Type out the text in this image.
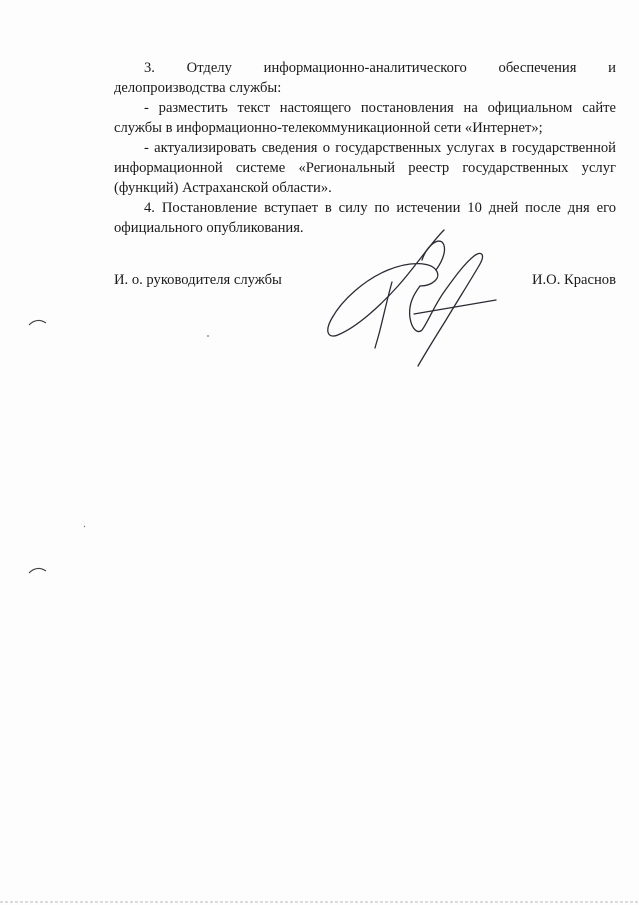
3. Отделу информационно-аналитического обеспечения и делопроизводства службы:

- разместить текст настоящего постановления на официальном сайте службы в информационно-телекоммуникационной сети «Интернет»;

- актуализировать сведения о государственных услугах в государственной информационной системе «Региональный реестр государственных услуг (функций) Астраханской области».

4. Постановление вступает в силу по истечении 10 дней после дня его официального опубликования.

И. о. руководителя службы	И.О. Краснов
